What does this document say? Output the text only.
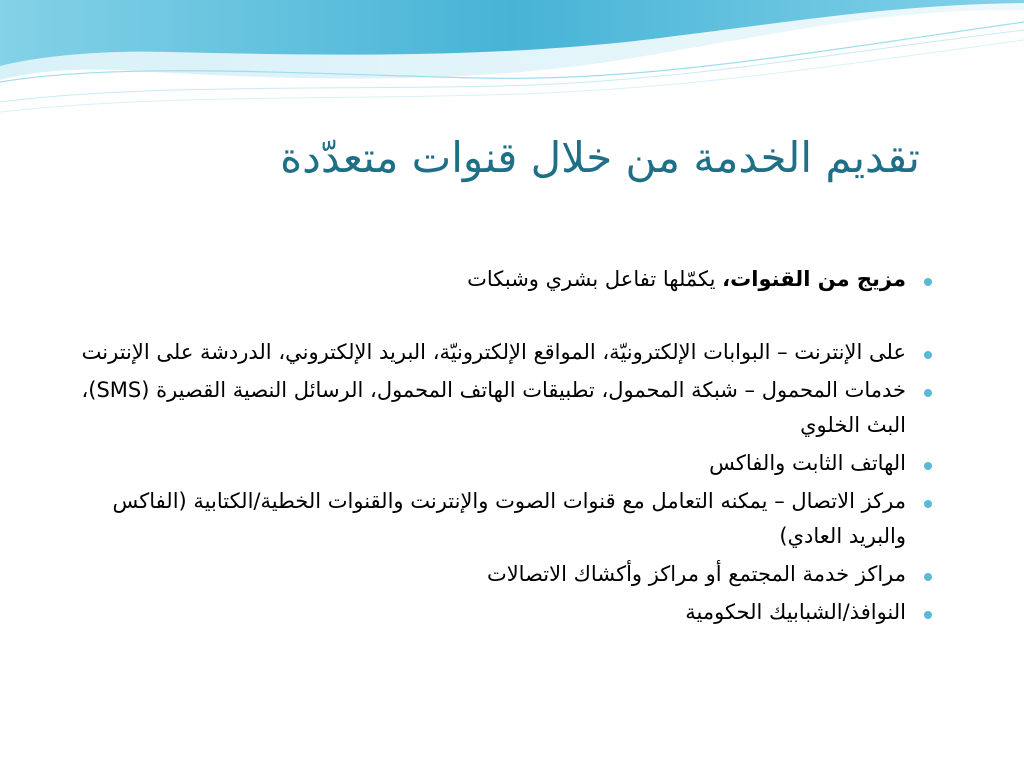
تقديم الخدمة من خلال قنوات متعدّدة
مزيج من القنوات، يكمّلها تفاعل بشري وشبكات
على الإنترنت – البوابات الإلكترونيّة، المواقع الإلكترونيّة، البريد الإلكتروني، الدردشة على الإنترنت
خدمات المحمول – شبكة المحمول، تطبيقات الهاتف المحمول، الرسائل النصية القصيرة (SMS)، البث الخلوي
الهاتف الثابت والفاكس
مركز الاتصال – يمكنه التعامل مع قنوات الصوت والإنترنت والقنوات الخطية/الكتابية (الفاكس والبريد العادي)
مراكز خدمة المجتمع أو مراكز وأكشاك الاتصالات
النوافذ/الشبابيك الحكومية
